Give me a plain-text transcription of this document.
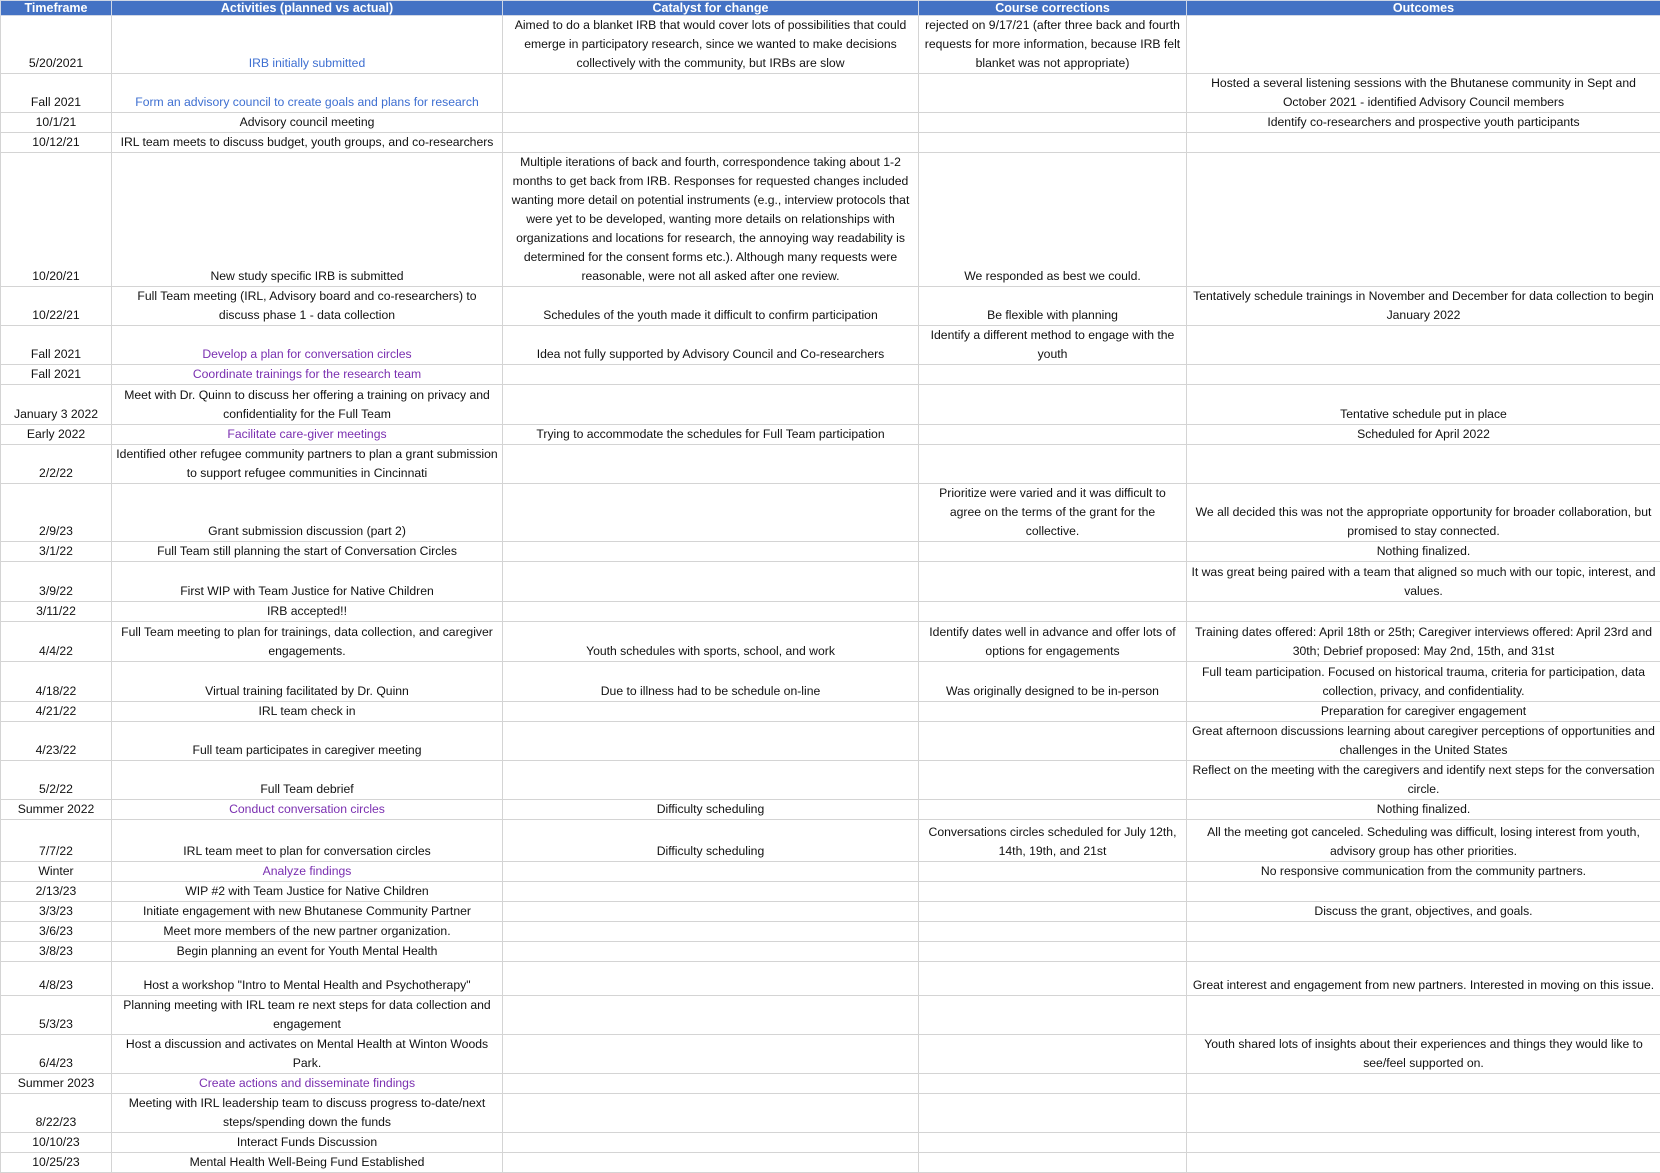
Timeframe	Activities (planned vs actual)	Catalyst for change	Course corrections	Outcomes
5/20/2021	IRB initially submitted	Aimed to do a blanket IRB that would cover lots of possibilities that could emerge in participatory research, since we wanted to make decisions collectively with the community, but IRBs are slow	rejected on 9/17/21 (after three back and fourth requests for more information, because IRB felt blanket was not appropriate)	
Fall 2021	Form an advisory council to create goals and plans for research			Hosted a several listening sessions with the Bhutanese community in Sept and October 2021 - identified Advisory Council members
10/1/21	Advisory council meeting			Identify co-researchers and prospective youth participants
10/12/21	IRL team meets to discuss budget, youth groups, and co-researchers			
10/20/21	New study specific IRB is submitted	Multiple iterations of back and fourth, correspondence taking about 1-2 months to get back from IRB. Responses for requested changes included wanting more detail on potential instruments (e.g., interview protocols that were yet to be developed, wanting more details on relationships with organizations and locations for research, the annoying way readability is determined for the consent forms etc.). Although many requests were reasonable, were not all asked after one review.	We responded as best we could.	
10/22/21	Full Team meeting (IRL, Advisory board and co-researchers) to discuss phase 1 - data collection	Schedules of the youth made it difficult to confirm participation	Be flexible with planning	Tentatively schedule trainings in November and December for data collection to begin January 2022
Fall 2021	Develop a plan for conversation circles	Idea not fully supported by Advisory Council and Co-researchers	Identify a different method to engage with the youth	
Fall 2021	Coordinate trainings for the research team			
January 3 2022	Meet with Dr. Quinn to discuss her offering a training on privacy and confidentiality for the Full Team			Tentative schedule put in place
Early 2022	Facilitate care-giver meetings	Trying to accommodate the schedules for Full Team participation		Scheduled for April 2022
2/2/22	Identified other refugee community partners to plan a grant submission to support refugee communities in Cincinnati			
2/9/23	Grant submission discussion (part 2)		Prioritize were varied and it was difficult to agree on the terms of the grant for the collective.	We all decided this was not the appropriate opportunity for broader collaboration, but promised to stay connected.
3/1/22	Full Team still planning the start of Conversation Circles			Nothing finalized.
3/9/22	First WIP with Team Justice for Native Children			It was great being paired with a team that aligned so much with our topic, interest, and values.
3/11/22	IRB accepted!!			
4/4/22	Full Team meeting to plan for trainings, data collection, and caregiver engagements.	Youth schedules with sports, school, and work	Identify dates well in advance and offer lots of options for engagements	Training dates offered: April 18th or 25th; Caregiver interviews offered: April 23rd and 30th; Debrief proposed: May 2nd, 15th, and 31st
4/18/22	Virtual training facilitated by Dr. Quinn	Due to illness had to be schedule on-line	Was originally designed to be in-person	Full team participation. Focused on historical trauma, criteria for participation, data collection, privacy, and confidentiality.
4/21/22	IRL team check in			Preparation for caregiver engagement
4/23/22	Full team participates in caregiver meeting			Great afternoon discussions learning about caregiver perceptions of opportunities and challenges in the United States
5/2/22	Full Team debrief			Reflect on the meeting with the caregivers and identify next steps for the conversation circle.
Summer 2022	Conduct conversation circles	Difficulty scheduling		Nothing finalized.
7/7/22	IRL team meet to plan for conversation circles	Difficulty scheduling	Conversations circles scheduled for July 12th, 14th, 19th, and 21st	All the meeting got canceled. Scheduling was difficult, losing interest from youth, advisory group has other priorities.
Winter	Analyze findings			No responsive communication from the community partners.
2/13/23	WIP #2 with Team Justice for Native Children			
3/3/23	Initiate engagement with new Bhutanese Community Partner			Discuss the grant, objectives, and goals.
3/6/23	Meet more members of the new partner organization.			
3/8/23	Begin planning an event for Youth Mental Health			
4/8/23	Host a workshop "Intro to Mental Health and Psychotherapy"			Great interest and engagement from new partners. Interested in moving on this issue.
5/3/23	Planning meeting with IRL team re next steps for data collection and engagement			
6/4/23	Host a discussion and activates on Mental Health at Winton Woods Park.			Youth shared lots of insights about their experiences and things they would like to see/feel supported on.
Summer 2023	Create actions and disseminate findings			
8/22/23	Meeting with IRL leadership team to discuss progress to-date/next steps/spending down the funds			
10/10/23	Interact Funds Discussion			
10/25/23	Mental Health Well-Being Fund Established			
